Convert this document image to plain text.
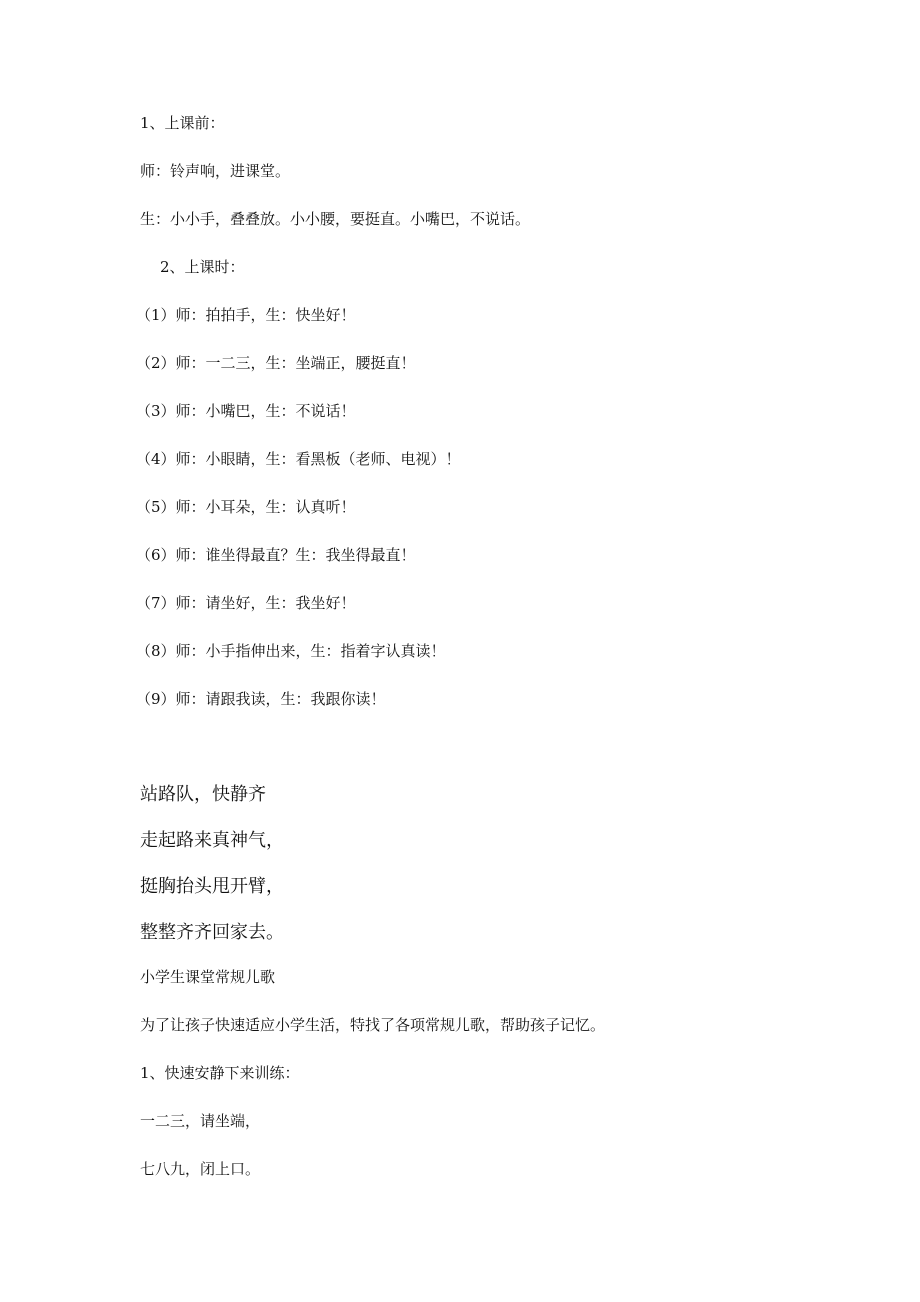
1、上课前：
师：铃声响，进课堂。
生：小小手，叠叠放。小小腰，要挺直。小嘴巴，不说话。
2、上课时：
（1）师：拍拍手，生：快坐好！
（2）师：一二三，生：坐端正，腰挺直！
（3）师：小嘴巴，生：不说话！
（4）师：小眼睛，生：看黑板（老师、电视）！
（5）师：小耳朵，生：认真听！
（6）师：谁坐得最直？生：我坐得最直！
（7）师：请坐好，生：我坐好！
（8）师：小手指伸出来，生：指着字认真读！
（9）师：请跟我读，生：我跟你读！
站路队，快静齐
走起路来真神气，
挺胸抬头甩开臂，
整整齐齐回家去。
小学生课堂常规儿歌
为了让孩子快速适应小学生活，特找了各项常规儿歌，帮助孩子记忆。
1、快速安静下来训练：
一二三，请坐端，
七八九，闭上口。
